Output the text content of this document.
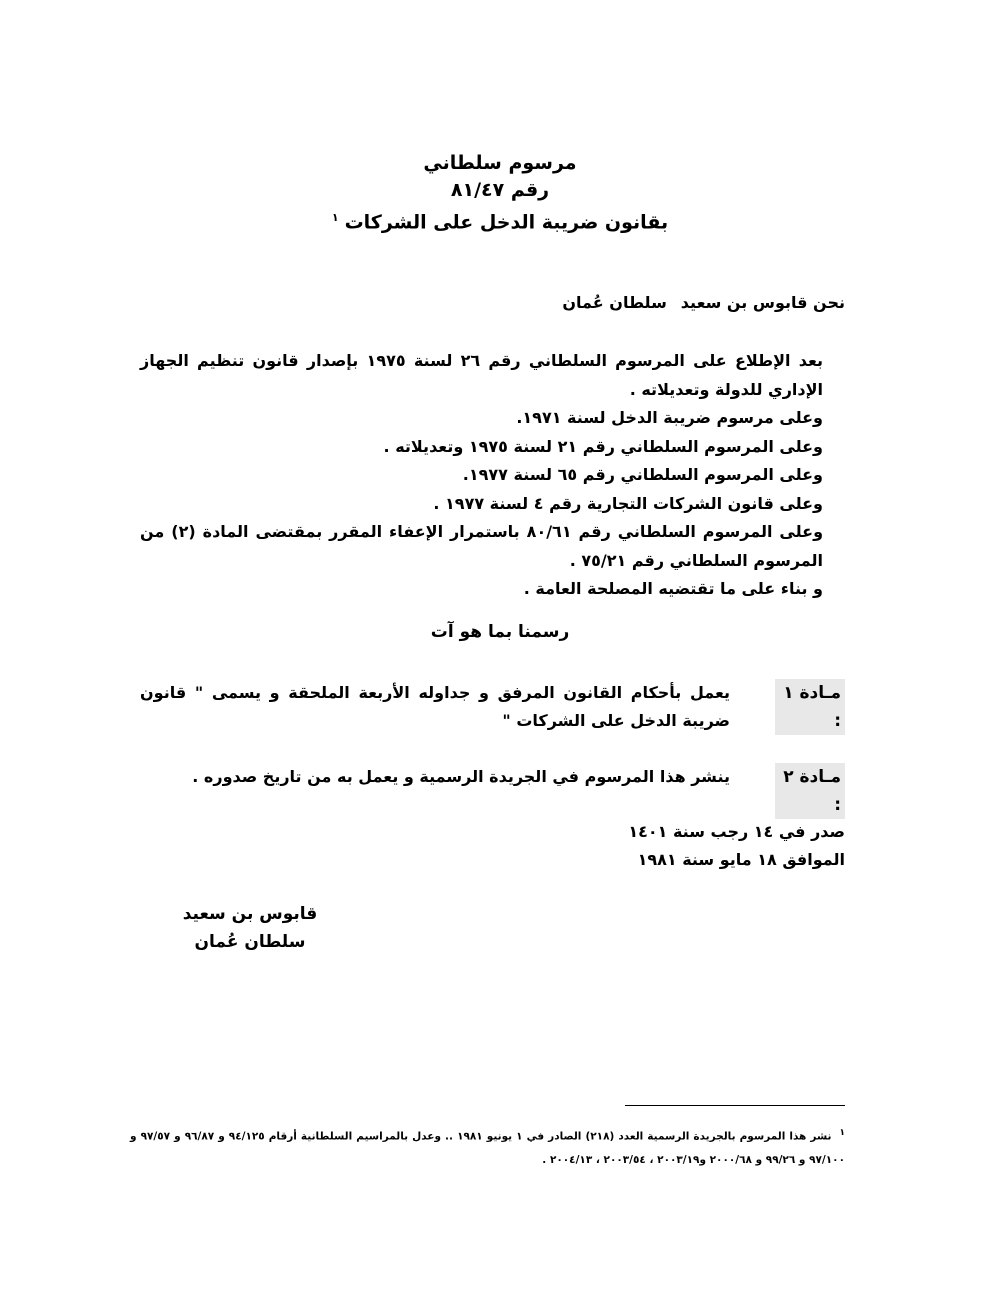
مرسوم سلطاني
رقم ٨١/٤٧
بقانون ضريبة الدخل على الشركات$^١$
نحن قابوس بن سعيدسلطان عُمان

بعد الإطلاع على المرسوم السلطاني رقم ٢٦ لسنة ١٩٧٥ بإصدار قانون تنظيم الجهاز الإداري للدولة وتعديلاته .

وعلى مرسوم ضريبة الدخل لسنة ١٩٧١.

وعلى المرسوم السلطاني رقم ٢١ لسنة ١٩٧٥ وتعديلاته .

وعلى المرسوم السلطاني رقم ٦٥ لسنة ١٩٧٧.

وعلى قانون الشركات التجارية رقم ٤ لسنة ١٩٧٧ .

وعلى المرسوم السلطاني رقم ٨٠/٦١ باستمرار الإعفاء المقرر بمقتضى المادة (٢) من المرسوم السلطاني رقم ٧٥/٢١ .

و بناء على ما تقتضيه المصلحة العامة .

رسمنا بما هو آت
مـادة ١ :
يعمل بأحكام القانون المرفق و جداوله الأربعة الملحقة و يسمى " قانون ضريبة الدخل على الشركات "
مـادة ٢ :
ينشر هذا المرسوم في الجريدة الرسمية و يعمل به من تاريخ صدوره .
صدر في ١٤ رجب سنة ١٤٠١
الموافق ١٨ مايو سنة ١٩٨١
قابوس بن سعيد
سلطان عُمان
١نشر هذا المرسوم بالجريدة الرسمية العدد (٢١٨) الصادر في ١ يونيو ١٩٨١ .. وعدل بالمراسيم السلطانية أرقام ٩٤/١٢٥ و ٩٦/٨٧ و ٩٧/٥٧ و ٩٧/١٠٠ و ٩٩/٢٦ و ٢٠٠٠/٦٨ و٢٠٠٣/١٩ ، ٢٠٠٣/٥٤ ، ٢٠٠٤/١٣ .
